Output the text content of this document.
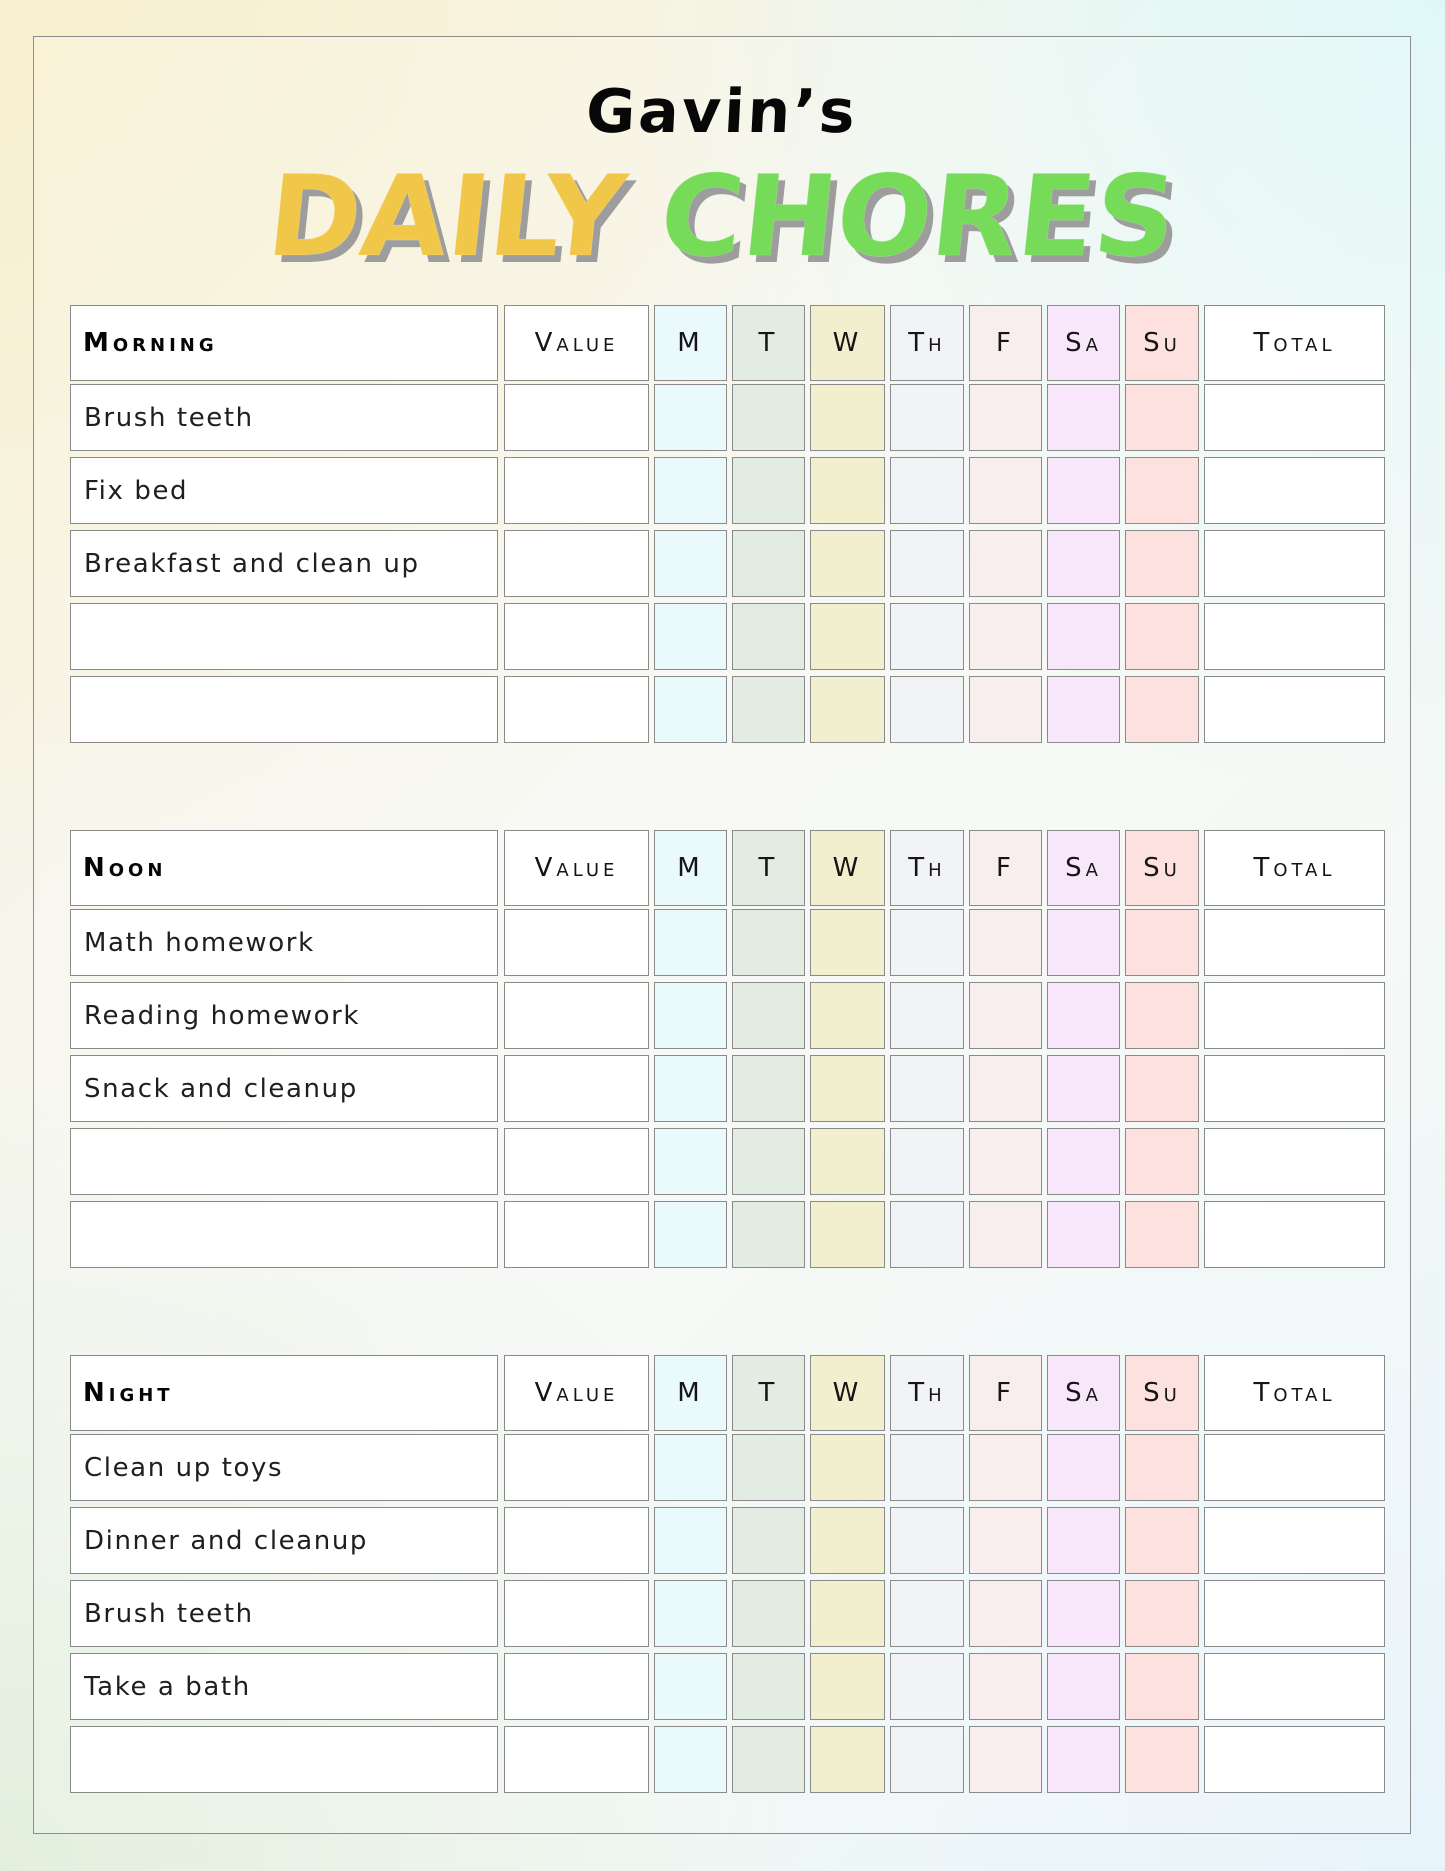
Gavin’s
DAILY CHORES
Morning	Value	M	T	W	Th	F	Sa	Su	Total
Brush teeth
Fix bed
Breakfast and clean up
Noon	Value	M	T	W	Th	F	Sa	Su	Total
Math homework
Reading homework
Snack and cleanup
Night	Value	M	T	W	Th	F	Sa	Su	Total
Clean up toys
Dinner and cleanup
Brush teeth
Take a bath
